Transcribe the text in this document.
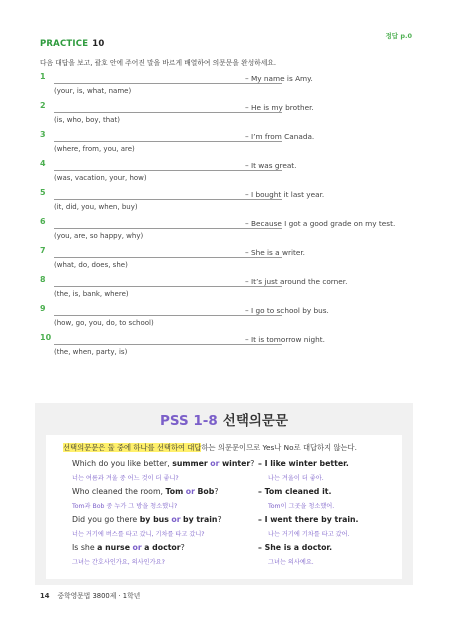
정답 p.0
PRACTICE 10
다음 대답을 보고, 괄호 안에 주어진 말을 바르게 배열하여 의문문을 완성하세요.
1	– My name is Amy.
(your, is, what, name)
2	– He is my brother.
(is, who, boy, that)
3	– I’m from Canada.
(where, from, you, are)
4	– It was great.
(was, vacation, your, how)
5	– I bought it last year.
(it, did, you, when, buy)
6	– Because I got a good grade on my test.
(you, are, so happy, why)
7	– She is a writer.
(what, do, does, she)
8	– It’s just around the corner.
(the, is, bank, where)
9	– I go to school by bus.
(how, go, you, do, to school)
10	– It is tomorrow night.
(the, when, party, is)
PSS 1-8 선택의문문
선택의문문은 둘 중에 하나를 선택하여 대답하는 의문문이므로 Yes나 No로 대답하지 않는다.
Which do you like better, summer or winter?
너는 여름과 겨울 중 어느 것이 더 좋니?
– I like winter better.
나는 겨울이 더 좋아.
Who cleaned the room, Tom or Bob?
Tom과 Bob 중 누가 그 방을 청소했니?
– Tom cleaned it.
Tom이 그곳을 청소했어.
Did you go there by bus or by train?
너는 거기에 버스를 타고 갔니, 기차를 타고 갔니?
– I went there by train.
나는 거기에 기차를 타고 갔어.
Is she a nurse or a doctor?
그녀는 간호사인가요, 의사인가요?
– She is a doctor.
그녀는 의사예요.
14 중학영문법 3800제 · 1학년
